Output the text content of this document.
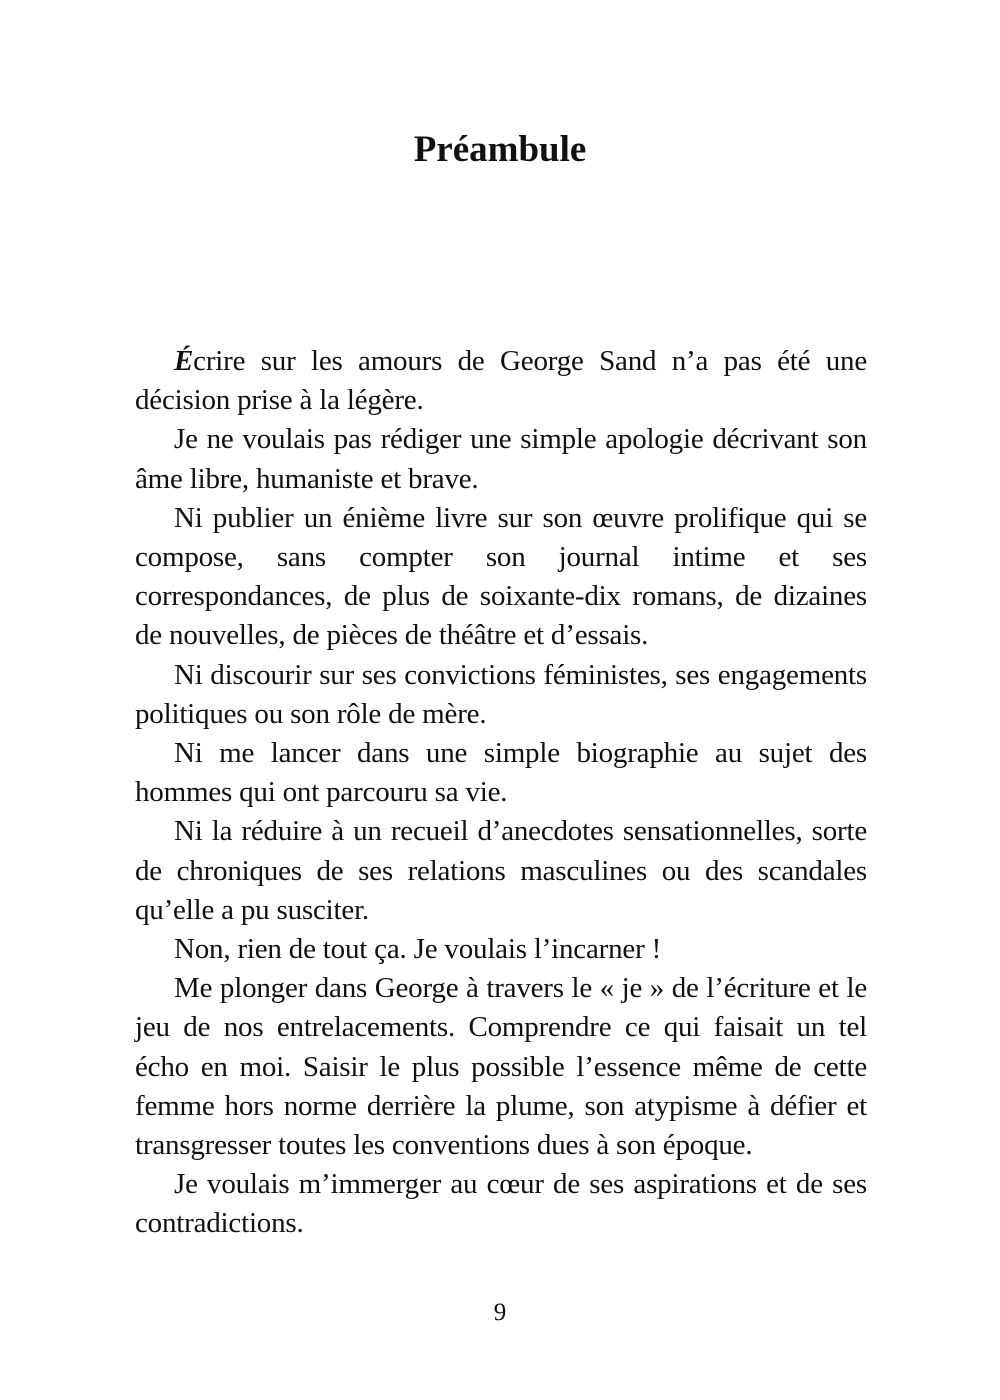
Préambule

Écrire sur les amours de George Sand n’a pas été une décision prise à la légère.

Je ne voulais pas rédiger une simple apologie décrivant son âme libre, humaniste et brave.

Ni publier un énième livre sur son œuvre prolifique qui se compose, sans compter son journal intime et ses correspondances, de plus de soixante-dix romans, de dizaines de nouvelles, de pièces de théâtre et d’essais.

Ni discourir sur ses convictions féministes, ses engagements politiques ou son rôle de mère.

Ni me lancer dans une simple biographie au sujet des hommes qui ont parcouru sa vie.

Ni la réduire à un recueil d’anecdotes sensationnelles, sorte de chroniques de ses relations masculines ou des scandales qu’elle a pu susciter.

Non, rien de tout ça. Je voulais l’incarner !

Me plonger dans George à travers le « je » de l’écriture et le jeu de nos entrelacements. Comprendre ce qui faisait un tel écho en moi. Saisir le plus possible l’essence même de cette femme hors norme derrière la plume, son atypisme à défier et transgresser toutes les conventions dues à son époque.

Je voulais m’immerger au cœur de ses aspirations et de ses contradictions.

9
